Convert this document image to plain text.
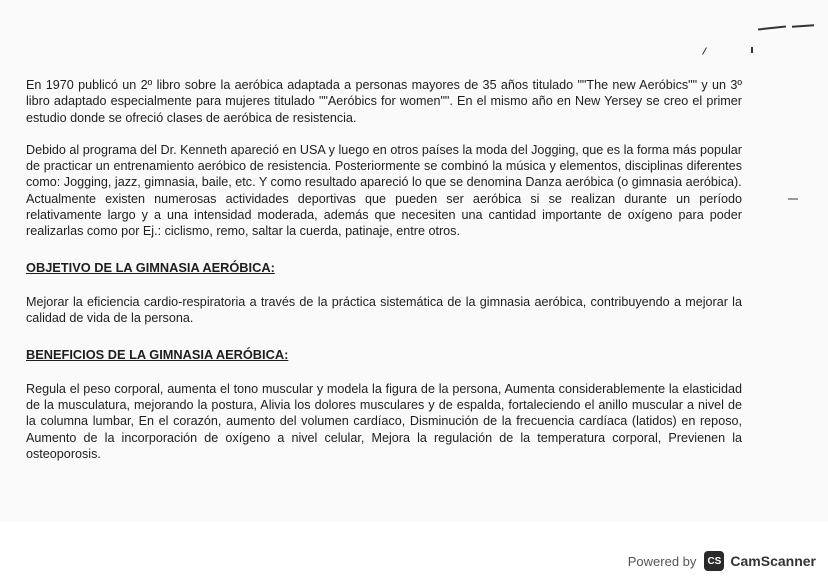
En 1970 publicó un 2º libro sobre la aeróbica adaptada a personas mayores de 35 años titulado ""The new Aeróbics"" y un 3º libro adaptado especialmente para mujeres titulado ""Aeróbics for women"". En el mismo año en New Yersey se creo el primer estudio donde se ofreció clases de aeróbica de resistencia.

Debido al programa del Dr. Kenneth apareció en USA y luego en otros países la moda del Jogging, que es la forma más popular de practicar un entrenamiento aeróbico de resistencia. Posteriormente se combinó la música y elementos, disciplinas diferentes como: Jogging, jazz, gimnasia, baile, etc. Y como resultado apareció lo que se denomina Danza aeróbica (o gimnasia aeróbica).

Actualmente existen numerosas actividades deportivas que pueden ser aeróbica si se realizan durante un período relativamente largo y a una intensidad moderada, además que necesiten una cantidad importante de oxígeno para poder realizarlas como por Ej.: ciclismo, remo, saltar la cuerda, patinaje, entre otros.

OBJETIVO DE LA GIMNASIA AERÓBICA:

Mejorar la eficiencia cardio-respiratoria a través de la práctica sistemática de la gimnasia aeróbica, contribuyendo a mejorar la calidad de vida de la persona.

BENEFICIOS DE LA GIMNASIA AERÓBICA:

Regula el peso corporal, aumenta el tono muscular y modela la figura de la persona, Aumenta considerablemente la elasticidad de la musculatura, mejorando la postura, Alivia los dolores musculares y de espalda, fortaleciendo el anillo muscular a nivel de la columna lumbar, En el corazón, aumento del volumen cardíaco, Disminución de la frecuencia cardíaca (latidos) en reposo, Aumento de la incorporación de oxígeno a nivel celular, Mejora la regulación de la temperatura corporal, Previenen la osteoporosis.

Powered by	CS CamScanner
